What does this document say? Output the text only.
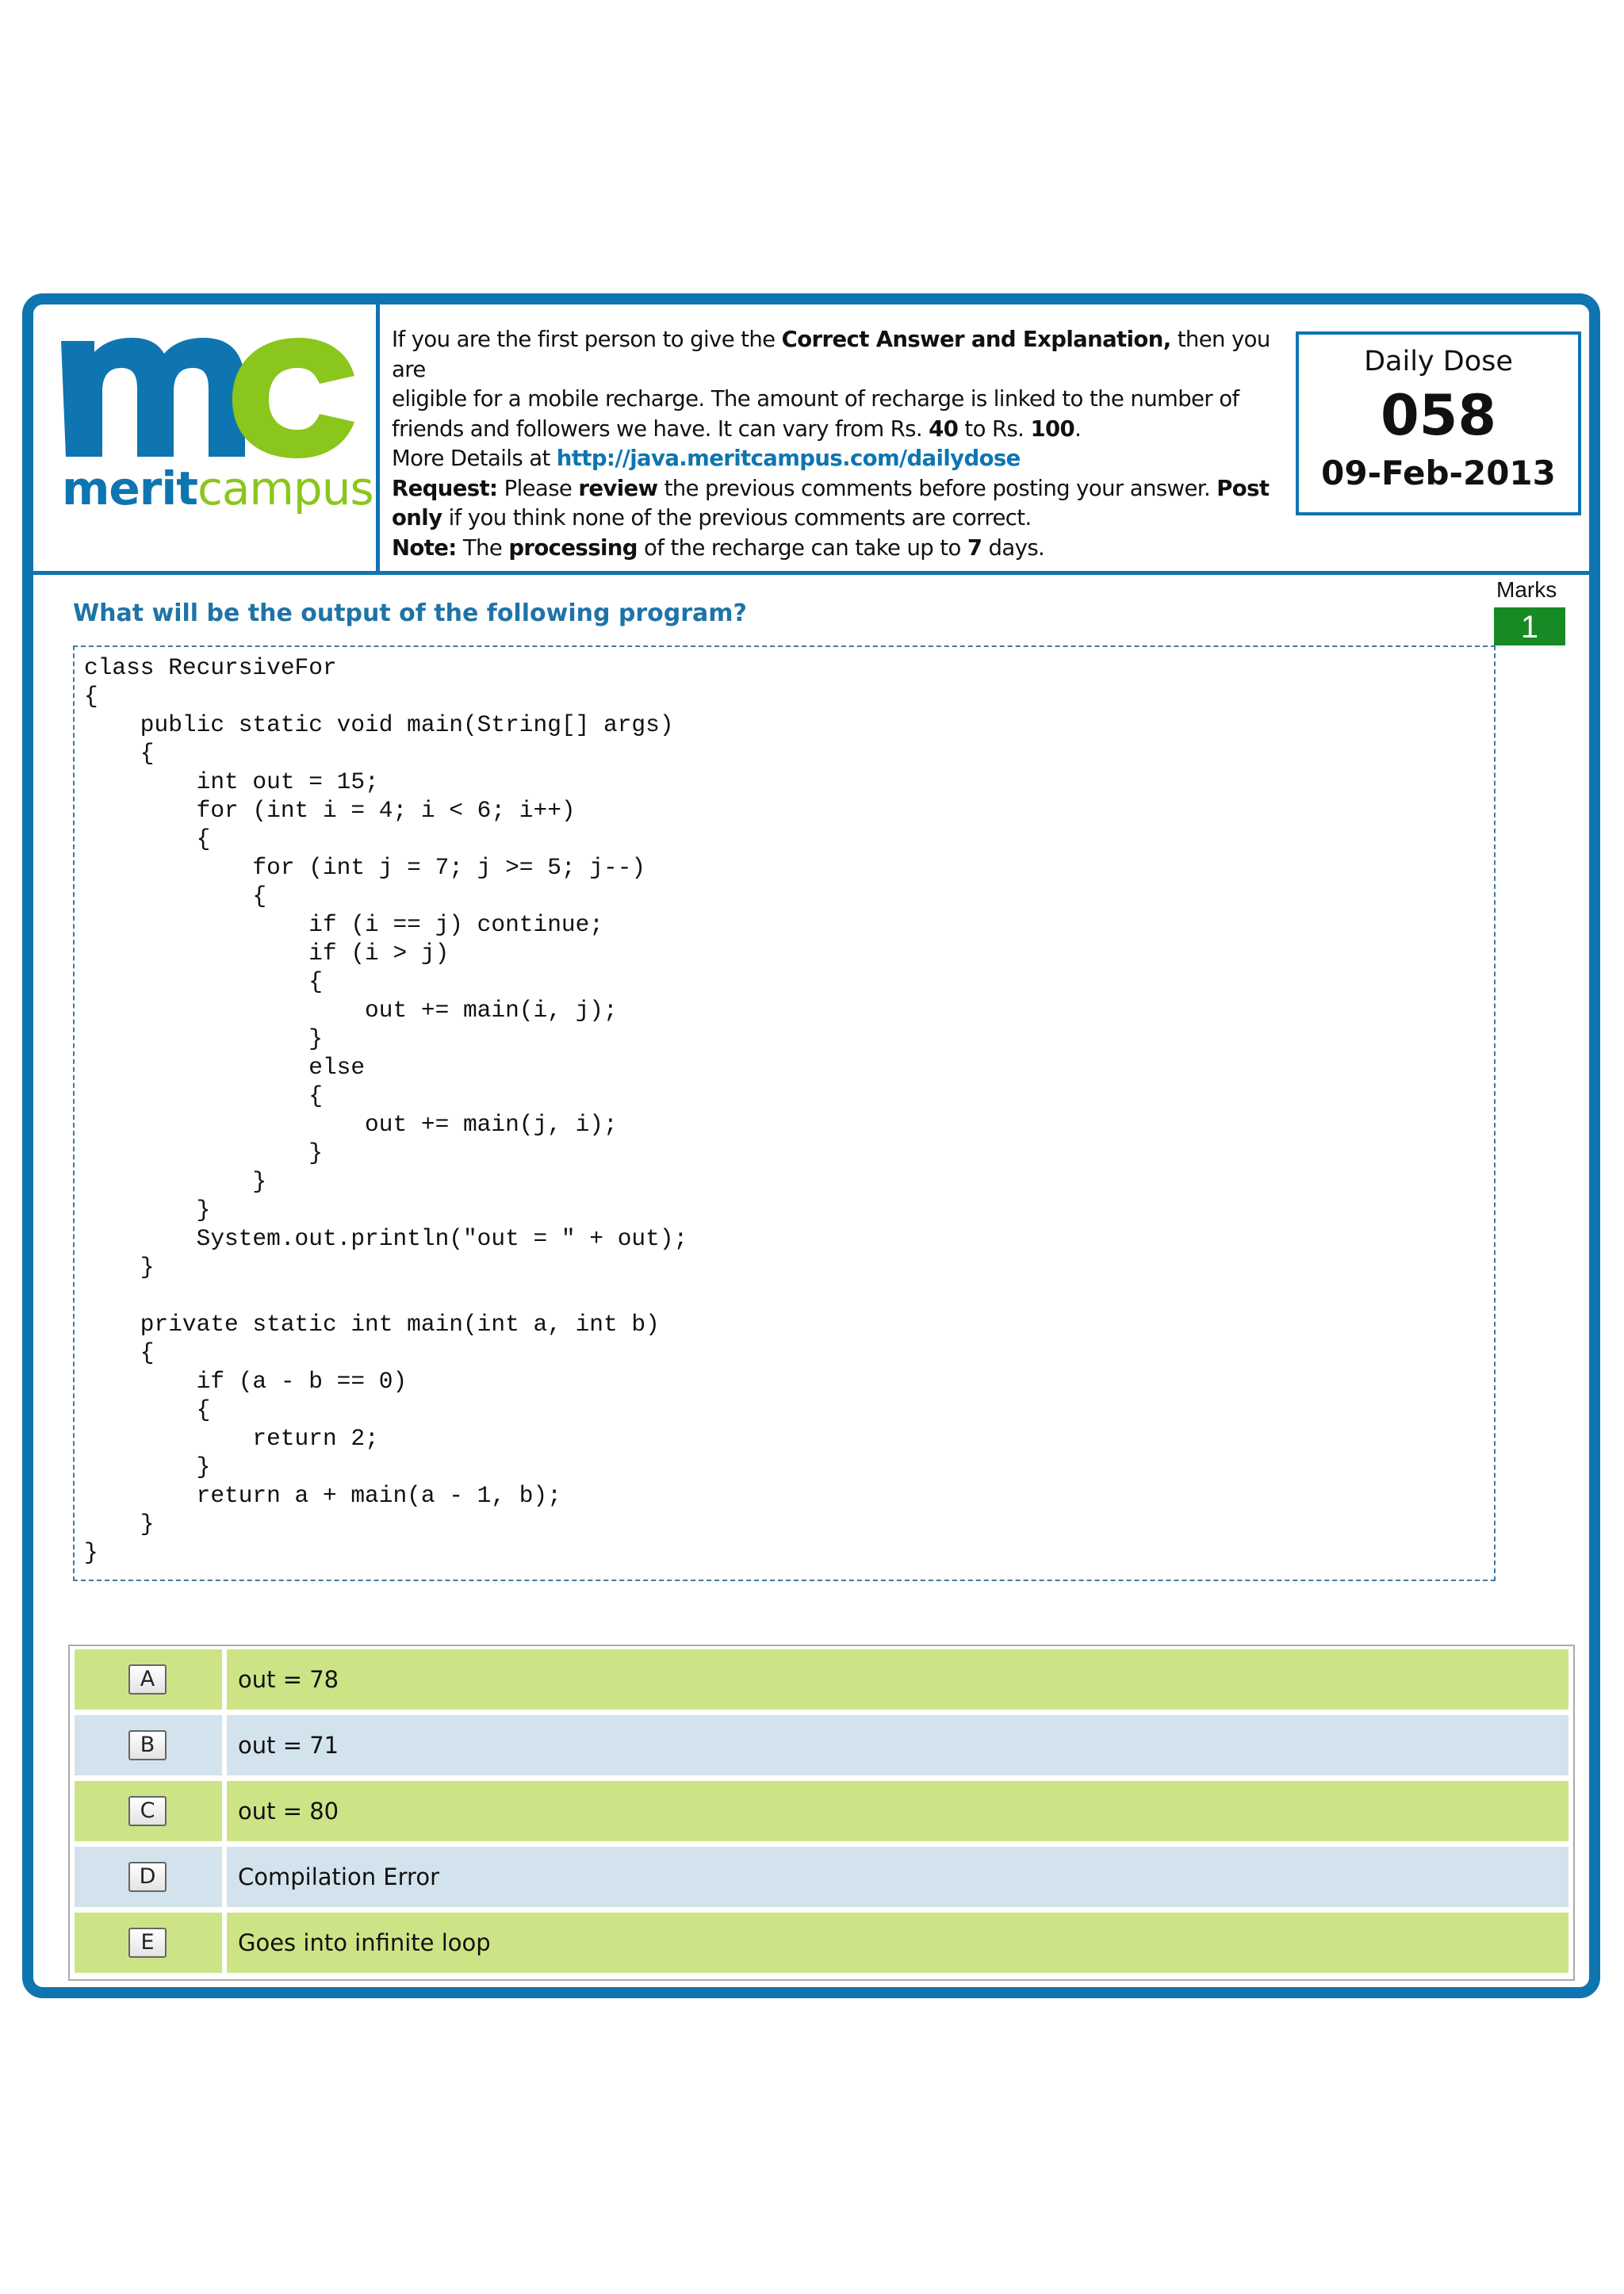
meritcampus
If you are the first person to give the Correct Answer and Explanation, then you are
eligible for a mobile recharge. The amount of recharge is linked to the number of
friends and followers we have. It can vary from Rs. 40 to Rs. 100.
More Details at http://java.meritcampus.com/dailydose
Request: Please review the previous comments before posting your answer. Post
only if you think none of the previous comments are correct.
Note: The processing of the recharge can take up to 7 days.
Daily Dose
058
09-Feb-2013
Marks
1
What will be the output of the following program?
class RecursiveFor
{
public static void main(String[] args)
{
int out = 15;
for (int i = 4; i < 6; i++)
{
for (int j = 7; j >= 5; j--)
{
if (i == j) continue;
if (i > j)
{
out += main(i, j);
}
else
{
out += main(j, i);
}
}
}
System.out.println("out = " + out);
}
private static int main(int a, int b)
{
if (a - b == 0)
{
return 2;
}
return a + main(a - 1, b);
}
}
A	out = 78
B	out = 71
C	out = 80
D	Compilation Error
E	Goes into infinite loop
